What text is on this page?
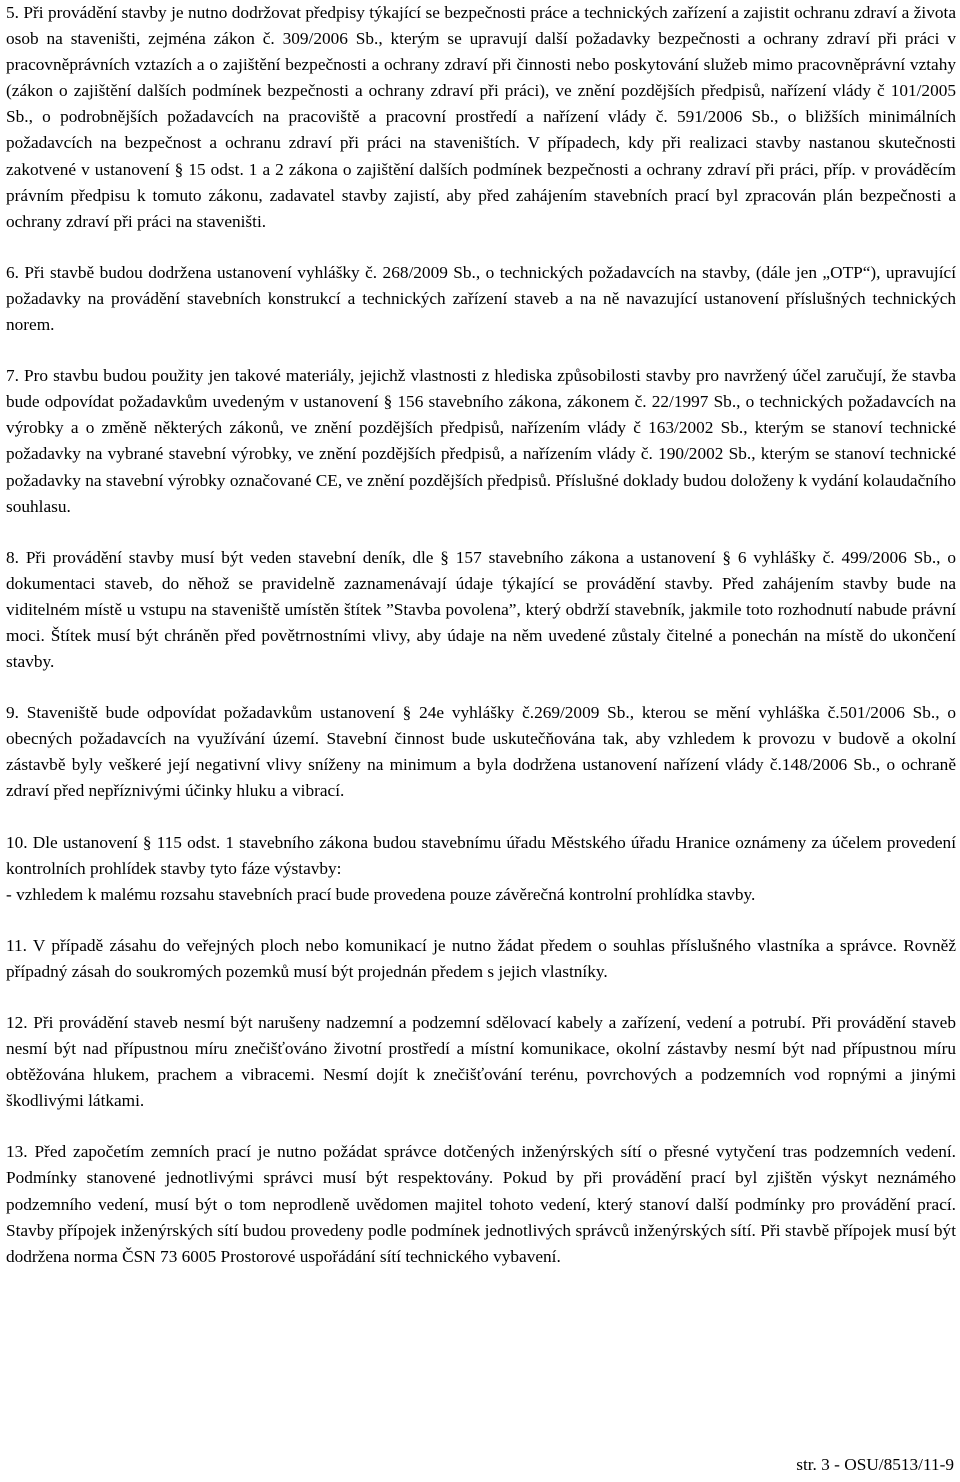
5. Při provádění stavby je nutno dodržovat předpisy týkající se bezpečnosti práce a technických zařízení a zajistit ochranu zdraví a života osob na staveništi, zejména zákon č. 309/2006 Sb., kterým se upravují další požadavky bezpečnosti a ochrany zdraví při práci v pracovněprávních vztazích a o zajištění bezpečnosti a ochrany zdraví při činnosti nebo poskytování služeb mimo pracovněprávní vztahy (zákon o zajištění dalších podmínek bezpečnosti a ochrany zdraví při práci), ve znění pozdějších předpisů, nařízení vlády č 101/2005 Sb., o podrobnějších požadavcích na pracoviště a pracovní prostředí a nařízení vlády č. 591/2006 Sb., o bližších minimálních požadavcích na bezpečnost a ochranu zdraví při práci na staveništích. V případech, kdy při realizaci stavby nastanou skutečnosti zakotvené v ustanovení § 15 odst. 1 a 2 zákona o zajištění dalších podmínek bezpečnosti a ochrany zdraví při práci, příp. v prováděcím právním předpisu k tomuto zákonu, zadavatel stavby zajistí, aby před zahájením stavebních prací byl zpracován plán bezpečnosti a ochrany zdraví při práci na staveništi.

6. Při stavbě budou dodržena ustanovení vyhlášky č. 268/2009 Sb., o technických požadavcích na stavby, (dále jen „OTP“), upravující požadavky na provádění stavebních konstrukcí a technických zařízení staveb a na ně navazující ustanovení příslušných technických norem.

7. Pro stavbu budou použity jen takové materiály, jejichž vlastnosti z hlediska způsobilosti stavby pro navržený účel zaručují, že stavba bude odpovídat požadavkům uvedeným v ustanovení § 156 stavebního zákona, zákonem č. 22/1997 Sb., o technických požadavcích na výrobky a o změně některých zákonů, ve znění pozdějších předpisů, nařízením vlády č 163/2002 Sb., kterým se stanoví technické požadavky na vybrané stavební výrobky, ve znění pozdějších předpisů, a nařízením vlády č. 190/2002 Sb., kterým se stanoví technické požadavky na stavební výrobky označované CE, ve znění pozdějších předpisů. Příslušné doklady budou doloženy k vydání kolaudačního souhlasu.

8. Při provádění stavby musí být veden stavební deník, dle § 157 stavebního zákona a ustanovení § 6 vyhlášky č. 499/2006 Sb., o dokumentaci staveb, do něhož se pravidelně zaznamenávají údaje týkající se provádění stavby. Před zahájením stavby bude na viditelném místě u vstupu na staveniště umístěn štítek ”Stavba povolena”, který obdrží stavebník, jakmile toto rozhodnutí nabude právní moci. Štítek musí být chráněn před povětrnostními vlivy, aby údaje na něm uvedené zůstaly čitelné a ponechán na místě do ukončení stavby.

9. Staveniště bude odpovídat požadavkům ustanovení § 24e vyhlášky č.269/2009 Sb., kterou se mění vyhláška č.501/2006 Sb., o obecných požadavcích na využívání území. Stavební činnost bude uskutečňována tak, aby vzhledem k provozu v budově a okolní zástavbě byly veškeré její negativní vlivy sníženy na minimum a byla dodržena ustanovení nařízení vlády č.148/2006 Sb., o ochraně zdraví před nepříznivými účinky hluku a vibrací.

10. Dle ustanovení § 115 odst. 1 stavebního zákona budou stavebnímu úřadu Městského úřadu Hranice oznámeny za účelem provedení kontrolních prohlídek stavby tyto fáze výstavby:

- vzhledem k malému rozsahu stavebních prací bude provedena pouze závěrečná kontrolní prohlídka stavby.

11. V případě zásahu do veřejných ploch nebo komunikací je nutno žádat předem o souhlas příslušného vlastníka a správce. Rovněž případný zásah do soukromých pozemků musí být projednán předem s jejich vlastníky.

12. Při provádění staveb nesmí být narušeny nadzemní a podzemní sdělovací kabely a zařízení, vedení a potrubí. Při provádění staveb nesmí být nad přípustnou míru znečišťováno životní prostředí a místní komunikace, okolní zástavby nesmí být nad přípustnou míru obtěžována hlukem, prachem a vibracemi. Nesmí dojít k znečišťování terénu, povrchových a podzemních vod ropnými a jinými škodlivými látkami.

13. Před započetím zemních prací je nutno požádat správce dotčených inženýrských sítí o přesné vytyčení tras podzemních vedení. Podmínky stanovené jednotlivými správci musí být respektovány. Pokud by při provádění prací byl zjištěn výskyt neznámého podzemního vedení, musí být o tom neprodleně uvědomen majitel tohoto vedení, který stanoví další podmínky pro provádění prací. Stavby přípojek inženýrských sítí budou provedeny podle podmínek jednotlivých správců inženýrských sítí. Při stavbě přípojek musí být dodržena norma ČSN 73 6005 Prostorové uspořádání sítí technického vybavení.

str. 3 - OSU/8513/11-9
